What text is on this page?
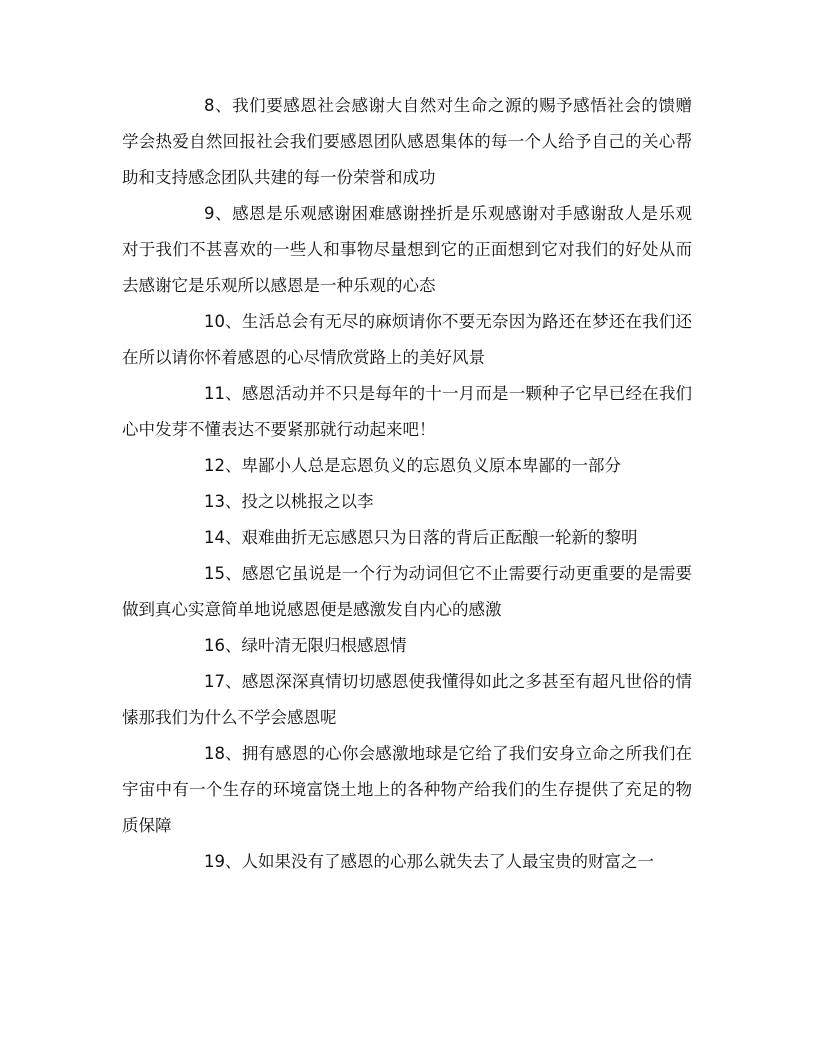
8、我们要感恩社会感谢大自然对生命之源的赐予感悟社会的馈赠学会热爱自然回报社会我们要感恩团队感恩集体的每一个人给予自己的关心帮助和支持感念团队共建的每一份荣誉和成功

9、感恩是乐观感谢困难感谢挫折是乐观感谢对手感谢敌人是乐观对于我们不甚喜欢的一些人和事物尽量想到它的正面想到它对我们的好处从而去感谢它是乐观所以感恩是一种乐观的心态

10、生活总会有无尽的麻烦请你不要无奈因为路还在梦还在我们还在所以请你怀着感恩的心尽情欣赏路上的美好风景

11、感恩活动并不只是每年的十一月而是一颗种子它早已经在我们心中发芽不懂表达不要紧那就行动起来吧！

12、卑鄙小人总是忘恩负义的忘恩负义原本卑鄙的一部分

13、投之以桃报之以李

14、艰难曲折无忘感恩只为日落的背后正酝酿一轮新的黎明

15、感恩它虽说是一个行为动词但它不止需要行动更重要的是需要做到真心实意简单地说感恩便是感激发自内心的感激

16、绿叶清无限归根感恩情

17、感恩深深真情切切感恩使我懂得如此之多甚至有超凡世俗的情愫那我们为什么不学会感恩呢

18、拥有感恩的心你会感激地球是它给了我们安身立命之所我们在宇宙中有一个生存的环境富饶土地上的各种物产给我们的生存提供了充足的物质保障

19、人如果没有了感恩的心那么就失去了人最宝贵的财富之一
